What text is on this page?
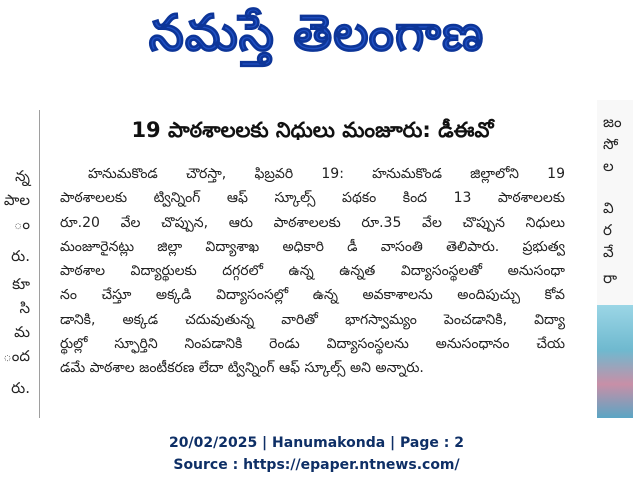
నమస్తే తెలంగాణ
న్న
పాల
ం
రు.
కూ
సి
మ
ంద
రు.
19 పాఠశాలలకు నిధులు మంజూరు: డీఈవో
హనుమకొండ చౌరస్తా, ఫిబ్రవరి 19: హనుమకొండ జిల్లాలోని 19
పాఠశాలలకు ట్విన్నింగ్ ఆఫ్ స్కూల్స్ పథకం కింద 13 పాఠశాలలకు
రూ.20 వేల చొప్పున, ఆరు పాఠశాలలకు రూ.35 వేల చొప్పున నిధులు
మంజూరైనట్లు జిల్లా విద్యాశాఖ అధికారి డీ వాసంతి తెలిపారు. ప్రభుత్వ
పాఠశాల విద్యార్థులకు దగ్గరలో ఉన్న ఉన్నత విద్యాసంస్థలతో అనుసంధా
నం చేస్తూ అక్కడి విద్యాసంసల్లో ఉన్న అవకాశాలను అందిపుచ్చు కోవ
డానికి, అక్కడ చదువుతున్న వారితో భాగస్వామ్యం పెంచడానికి, విద్యా
ర్థుల్లో స్ఫూర్తిని నింపడానికి రెండు విద్యాసంస్థలను అనుసంధానం చేయ
డమే పాఠశాల జంటీకరణ లేదా ట్విన్నింగ్ ఆఫ్ స్కూల్స్ అని అన్నారు.
జం
సో
ల
వి
ర
వే
రా
20/02/2025 | Hanumakonda | Page : 2
Source : https://epaper.ntnews.com/
